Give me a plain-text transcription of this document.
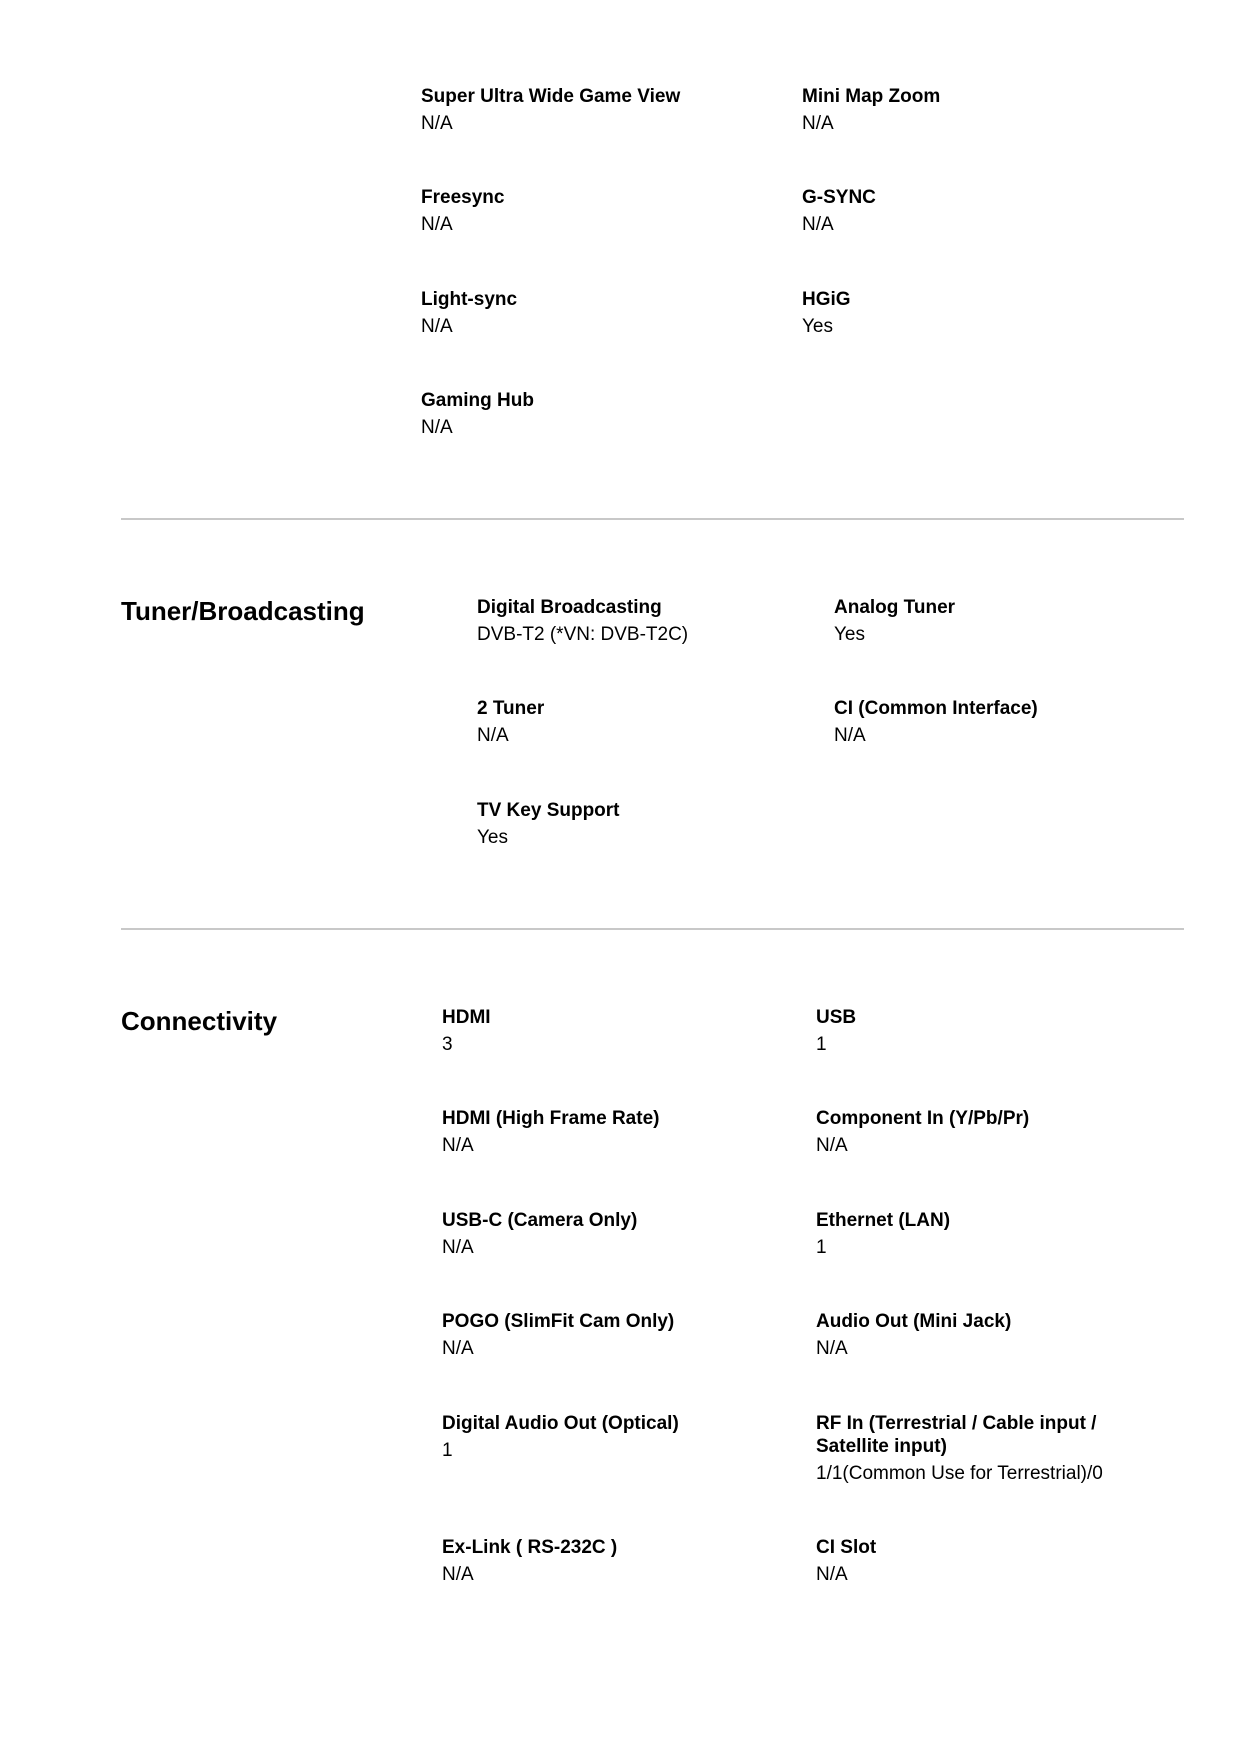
Super Ultra Wide Game View
N/A
Mini Map Zoom
N/A
Freesync
N/A
G-SYNC
N/A
Light-sync
N/A
HGiG
Yes
Gaming Hub
N/A
Tuner/Broadcasting	Digital Broadcasting
DVB-T2 (*VN: DVB-T2C)
Analog Tuner
Yes
2 Tuner
N/A
CI (Common Interface)
N/A
TV Key Support
Yes
Connectivity	HDMI
3
USB
1
HDMI (High Frame Rate)
N/A
Component In (Y/Pb/Pr)
N/A
USB-C (Camera Only)
N/A
Ethernet (LAN)
1
POGO (SlimFit Cam Only)
N/A
Audio Out (Mini Jack)
N/A
Digital Audio Out (Optical)
1
RF In (Terrestrial / Cable input / Satellite input)
1/1(Common Use for Terrestrial)/0
Ex-Link ( RS-232C )
N/A
CI Slot
N/A
